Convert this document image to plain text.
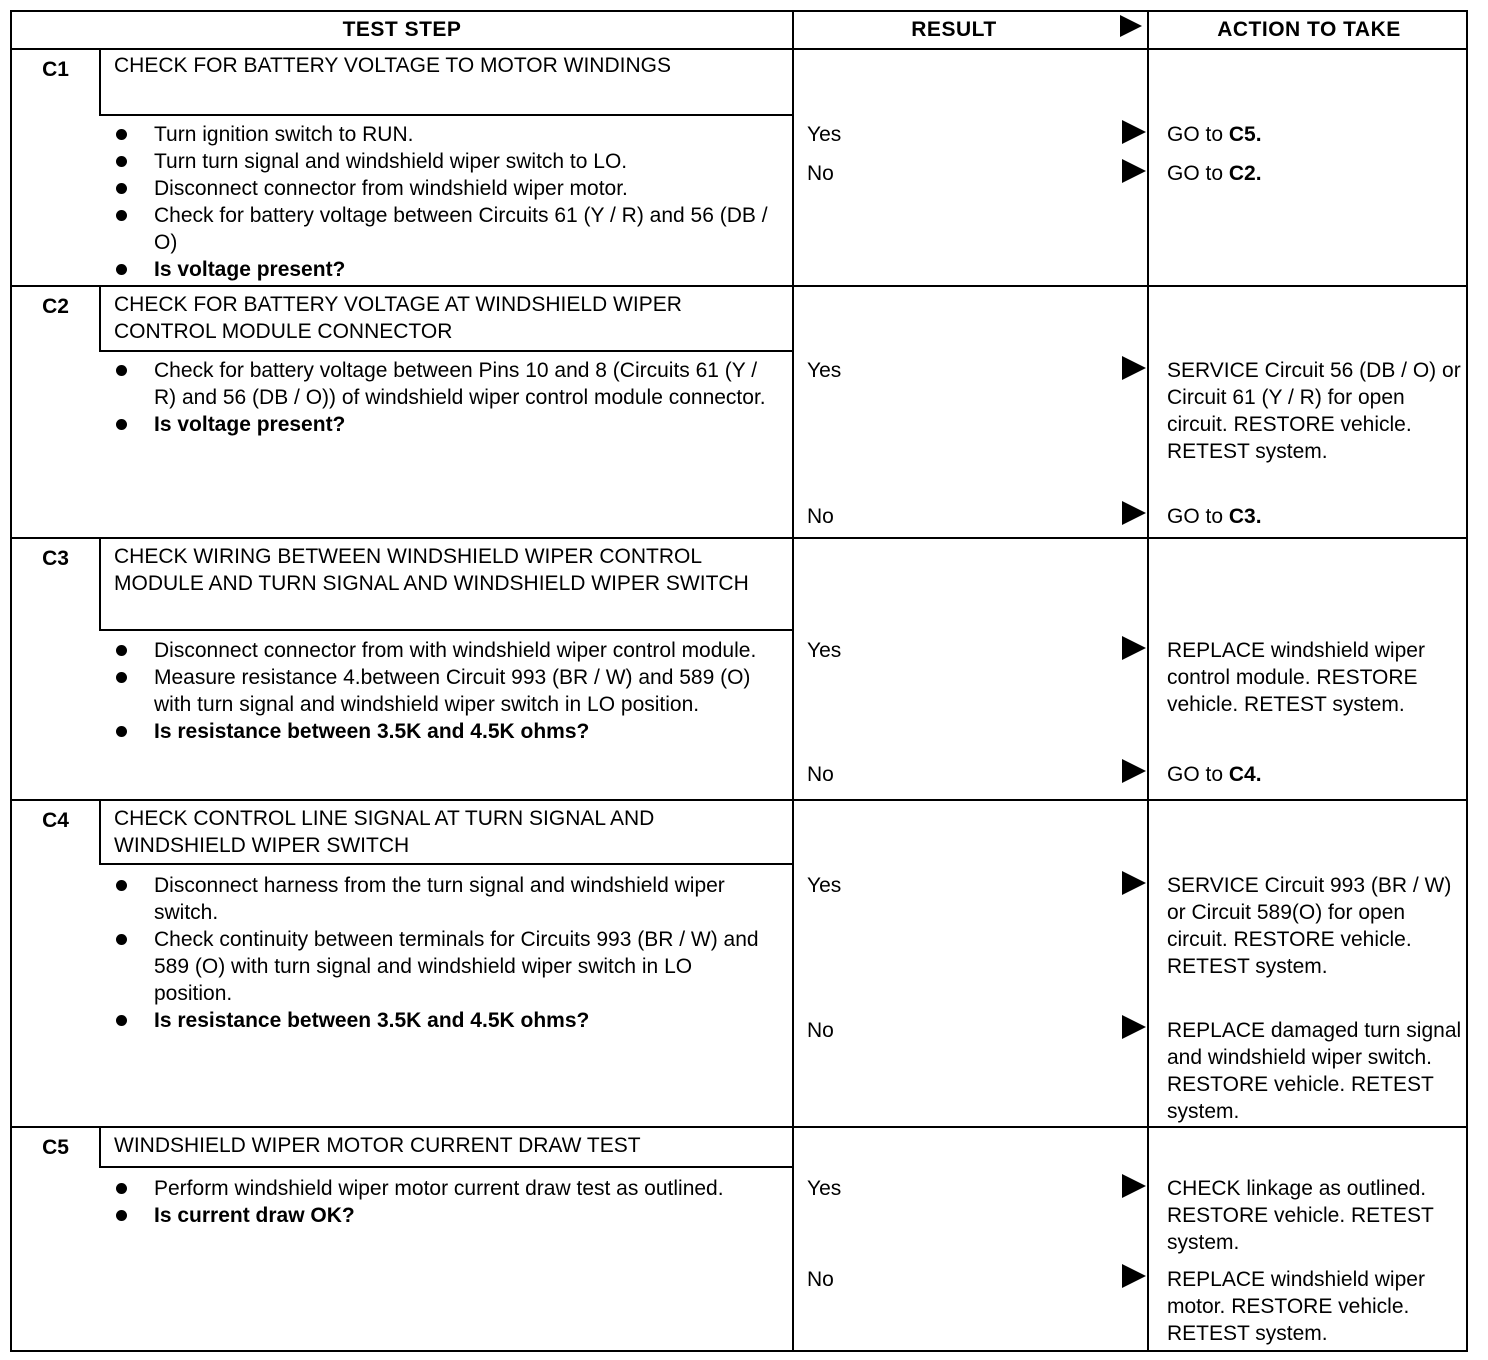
TEST STEP	RESULT	ACTION TO TAKE
C1	CHECK FOR BATTERY VOLTAGE TO MOTOR WINDINGS
Turn ignition switch to RUN.
Turn turn signal and windshield wiper switch to LO.
Disconnect connector from windshield wiper motor.
Check for battery voltage between Circuits 61 (Y / R) and 56 (DB / O)
Is voltage present?
Yes	GO to C5.
No	GO to C2.
C2	CHECK FOR BATTERY VOLTAGE AT WINDSHIELD WIPER CONTROL MODULE CONNECTOR
Check for battery voltage between Pins 10 and 8 (Circuits 61 (Y / R) and 56 (DB / O)) of windshield wiper control module connector.
Is voltage present?
Yes	SERVICE Circuit 56 (DB / O) or Circuit 61 (Y / R) for open circuit. RESTORE vehicle. RETEST system.
No	GO to C3.
C3	CHECK WIRING BETWEEN WINDSHIELD WIPER CONTROL MODULE AND TURN SIGNAL AND WINDSHIELD WIPER SWITCH
Disconnect connector from with windshield wiper control module.
Measure resistance 4.between Circuit 993 (BR / W) and 589 (O) with turn signal and windshield wiper switch in LO position.
Is resistance between 3.5K and 4.5K ohms?
Yes	REPLACE windshield wiper control module. RESTORE vehicle. RETEST system.
No	GO to C4.
C4	CHECK CONTROL LINE SIGNAL AT TURN SIGNAL AND WINDSHIELD WIPER SWITCH
Disconnect harness from the turn signal and windshield wiper switch.
Check continuity between terminals for Circuits 993 (BR / W) and 589 (O) with turn signal and windshield wiper switch in LO position.
Is resistance between 3.5K and 4.5K ohms?
Yes	SERVICE Circuit 993 (BR / W) or Circuit 589(O) for open circuit. RESTORE vehicle. RETEST system.
No	REPLACE damaged turn signal and windshield wiper switch. RESTORE vehicle. RETEST system.
C5	WINDSHIELD WIPER MOTOR CURRENT DRAW TEST
Perform windshield wiper motor current draw test as outlined.
Is current draw OK?
Yes	CHECK linkage as outlined. RESTORE vehicle. RETEST system.
No	REPLACE windshield wiper motor. RESTORE vehicle. RETEST system.
